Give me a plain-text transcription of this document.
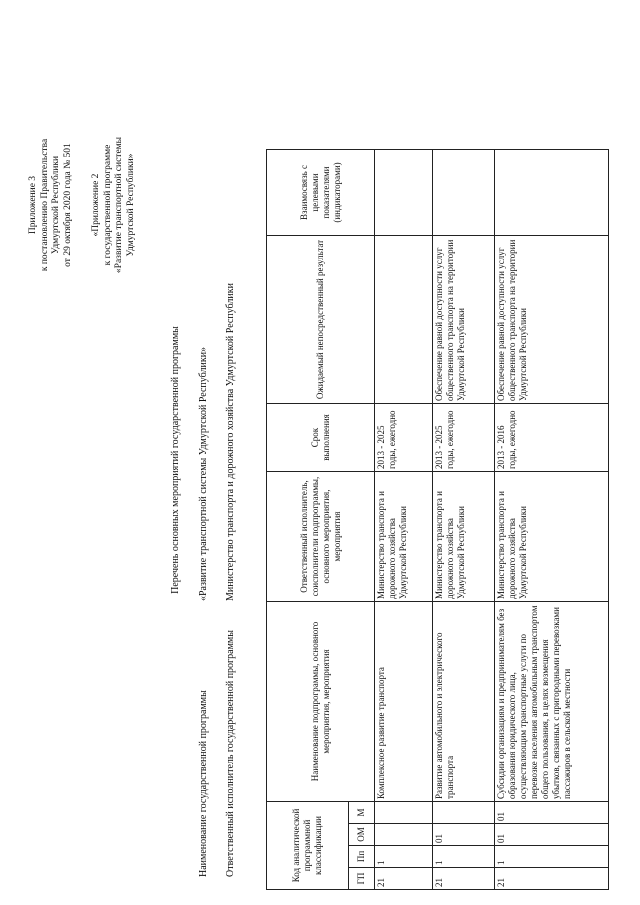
Приложение 3 к постановлению Правительства Удмуртской Республики от 29 октября 2020 года № 501 «Приложение 2 к государственной программе «Развитие транспортной системы Удмуртской Республики»
Перечень основных мероприятий государственной программы
Наименование государственной программы
«Развитие транспортной системы Удмуртской Республики»
Ответственный исполнитель государственной программы
Министерство транспорта и дорожного хозяйства Удмуртской Республики
Код аналитической программной классификации				Наименование подпрограммы, основного мероприятия, мероприятия	Ответственный исполнитель, соисполнители подпрограммы, основного мероприятия, мероприятия	Срок выполнения	Ожидаемый непосредственный результат	Взаимосвязь с целевыми показателями (индикаторами)
ГП	Пп	ОМ	М					
21	1			Комплексное развитие транспорта	Министерство транспорта и дорожного хозяйства Удмуртской Республики	2013 - 2025 годы, ежегодно		
21	1	01		Развитие автомобильного и электрического транспорта	Министерство транспорта и дорожного хозяйства Удмуртской Республики	2013 - 2025 годы, ежегодно	Обеспечение равной доступности услуг общественного транспорта на территории Удмуртской Республики	
21	1	01	01	Субсидии организациям и предпринимателям без образования юридического лица, осуществляющим транспортные услуги по перевозке населения автомобильным транспортом общего пользования, в целях возмещения убытков, связанных с пригородными перевозками пассажиров в сельской местности	Министерство транспорта и дорожного хозяйства Удмуртской Республики	2013 - 2016 годы, ежегодно	Обеспечение равной доступности услуг общественного транспорта на территории Удмуртской Республики	
